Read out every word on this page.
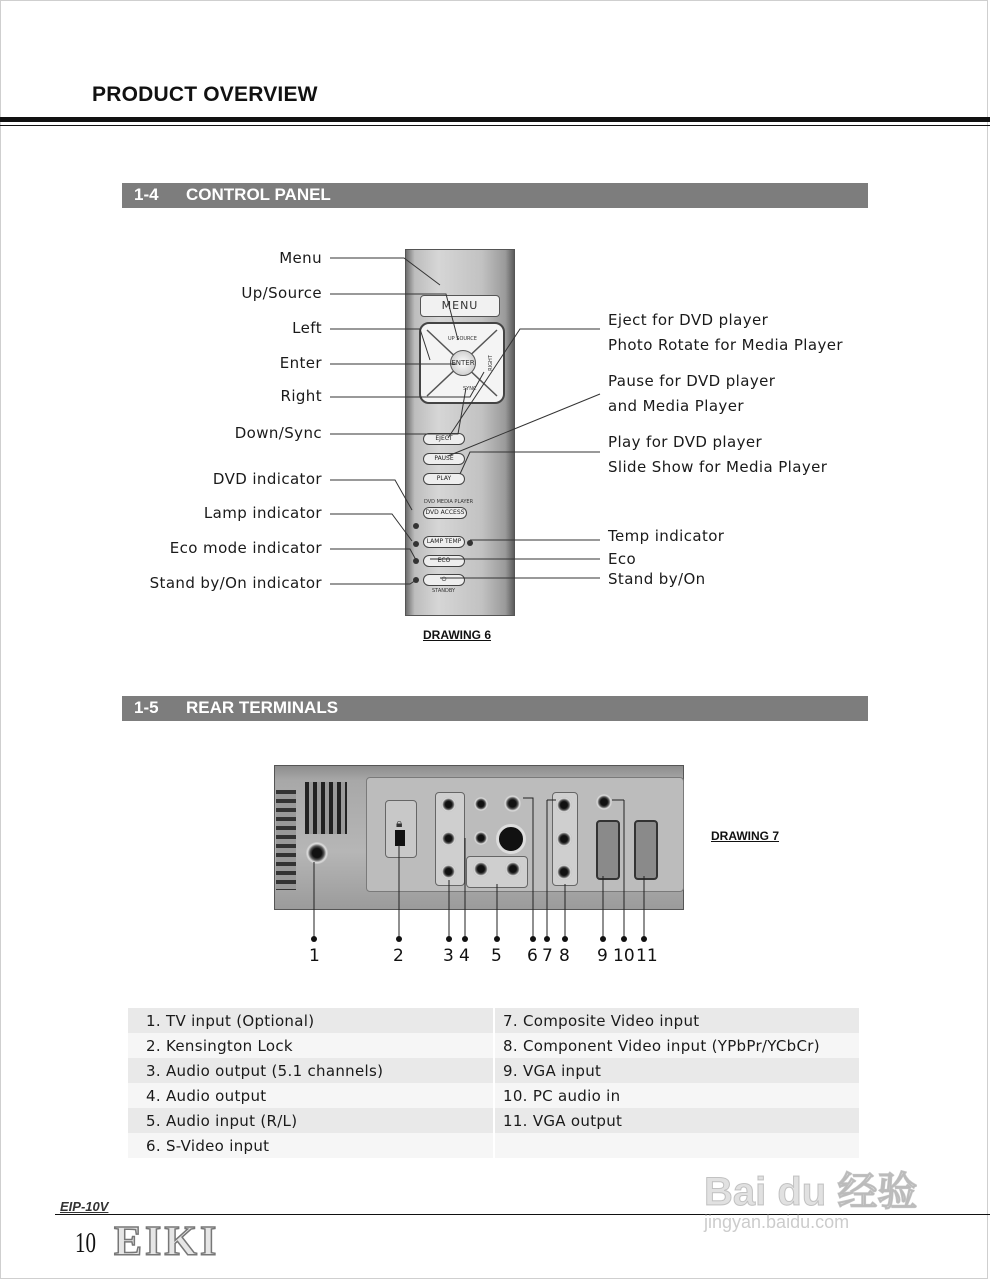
PRODUCT OVERVIEW
1-4 CONTROL PANEL
MENU
UP SOURCE
RIGHT
SYNC
ENTER
EJECT
PAUSE
PLAY
DVD MEDIA PLAYER
DVD ACCESS
LAMP TEMP
ECO
⏻
STANDBY
Menu
Up/Source
Left
Enter
Right
Down/Sync
DVD indicator
Lamp indicator
Eco mode indicator
Stand by/On indicator
Eject for DVD player
Photo Rotate for Media Player
Pause for DVD player
and Media Player
Play for DVD player
Slide Show for Media Player
Temp indicator
Eco
Stand by/On
DRAWING 6
1-5 REAR TERMINALS
🔒︎
1	2 3 4 5 6 7 8 9 10 11
DRAWING 7
1. TV input (Optional)	7. Composite Video input
2. Kensington Lock	8. Component Video input (YPbPr/YCbCr)
3. Audio output (5.1 channels)	9. VGA input
4. Audio output	10. PC audio in
5. Audio input (R/L)	11. VGA output
6. S-Video input	
EIP-10V
10 EIKI
Bai du 经验
jingyan.baidu.com
